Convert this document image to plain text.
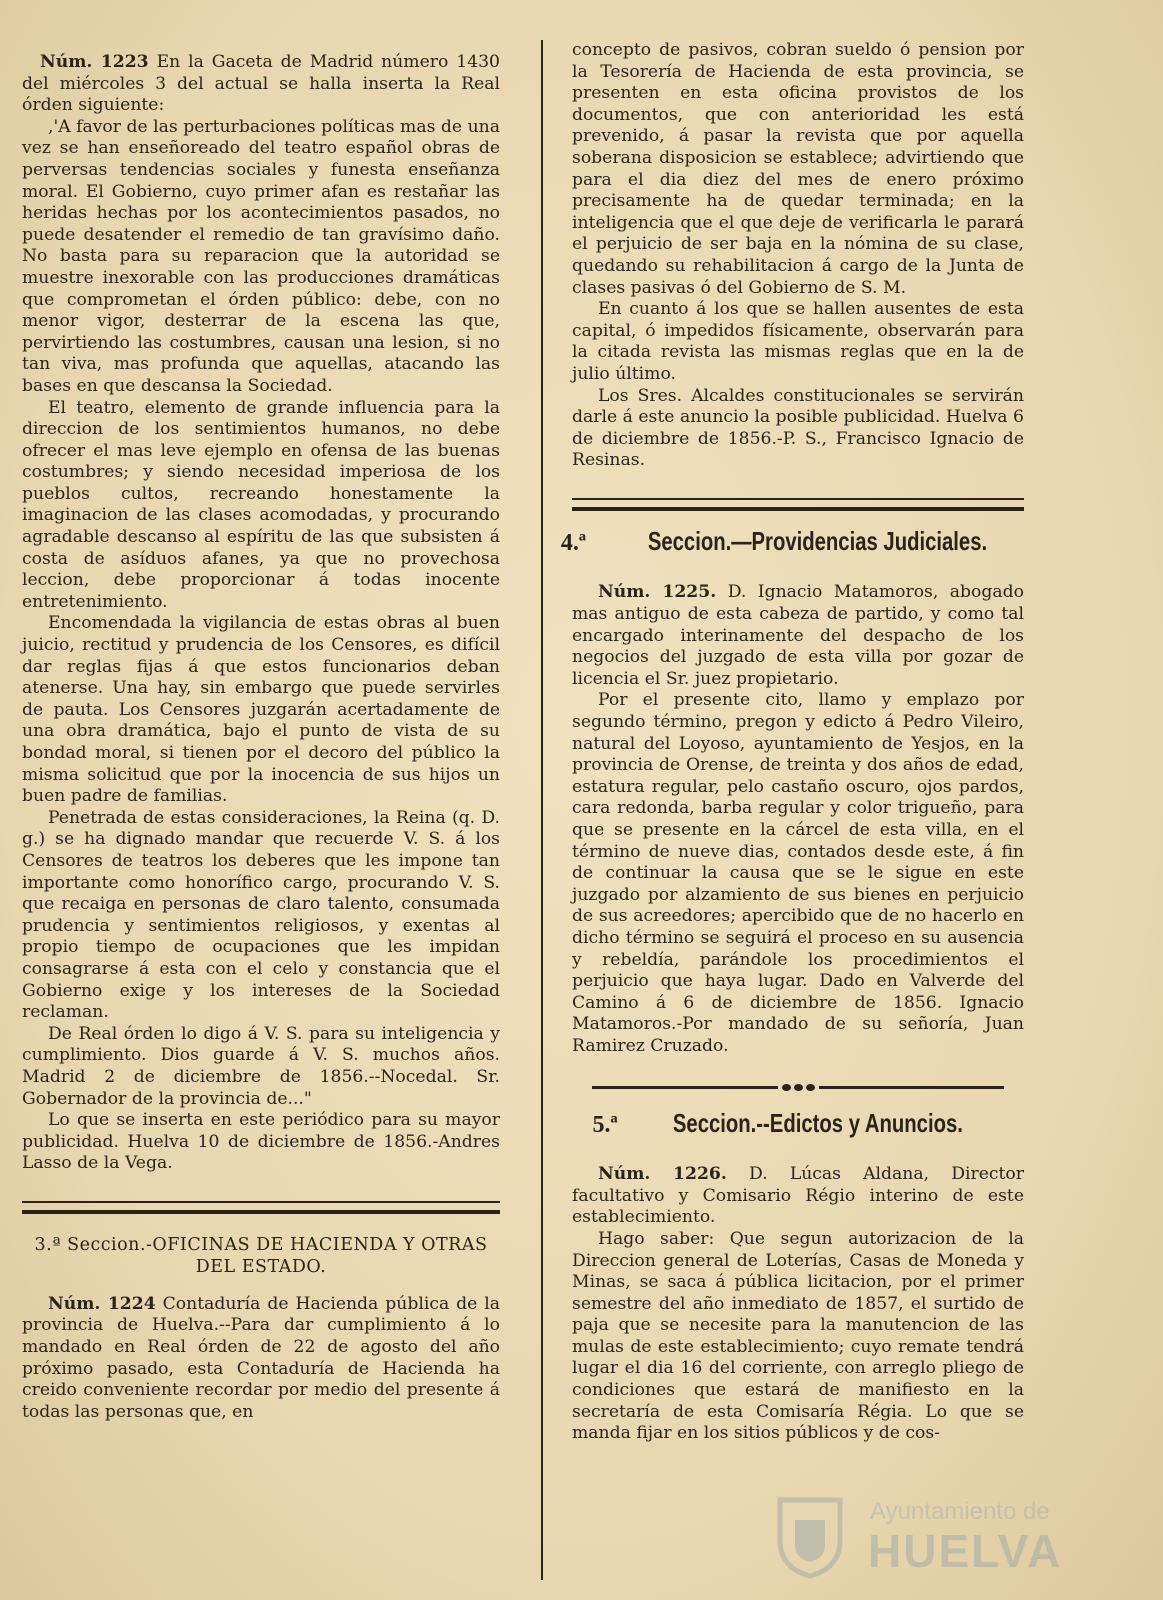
Núm. 1223 En la Gaceta de Madrid número 1430 del miércoles 3 del actual se halla inserta la Real órden siguiente:

,'A favor de las perturbaciones políticas mas de una vez se han enseñoreado del teatro español obras de perversas tendencias sociales y funesta enseñanza moral. El Gobierno, cuyo primer afan es restañar las heridas hechas por los acontecimientos pasados, no puede desatender el remedio de tan gravísimo daño. No basta para su reparacion que la autoridad se muestre inexorable con las producciones dramáticas que comprometan el órden público: debe, con no menor vigor, desterrar de la escena las que, pervirtiendo las costumbres, causan una lesion, si no tan viva, mas profunda que aquellas, atacando las bases en que descansa la Sociedad.

El teatro, elemento de grande influencia para la direccion de los sentimientos humanos, no debe ofrecer el mas leve ejemplo en ofensa de las buenas costumbres; y siendo necesidad imperiosa de los pueblos cultos, recreando honestamente la imaginacion de las clases acomodadas, y procurando agradable descanso al espíritu de las que subsisten á costa de asíduos afanes, ya que no provechosa leccion, debe proporcionar á todas inocente entretenimiento.

Encomendada la vigilancia de estas obras al buen juicio, rectitud y prudencia de los Censores, es difícil dar reglas fijas á que estos funcionarios deban atenerse. Una hay, sin embargo que puede servirles de pauta. Los Censores juzgarán acertadamente de una obra dramática, bajo el punto de vista de su bondad moral, si tienen por el decoro del público la misma solicitud que por la inocencia de sus hijos un buen padre de familias.

Penetrada de estas consideraciones, la Reina (q. D. g.) se ha dignado mandar que recuerde V. S. á los Censores de teatros los deberes que les impone tan importante como honorífico cargo, procurando V. S. que recaiga en personas de claro talento, consumada prudencia y sentimientos religiosos, y exentas al propio tiempo de ocupaciones que les impidan consagrarse á esta con el celo y constancia que el Gobierno exige y los intereses de la Sociedad reclaman.

De Real órden lo digo á V. S. para su inteligencia y cumplimiento. Dios guarde á V. S. muchos años. Madrid 2 de diciembre de 1856.--Nocedal. Sr. Gobernador de la provincia de..."

Lo que se inserta en este periódico para su mayor publicidad. Huelva 10 de diciembre de 1856.-Andres Lasso de la Vega.

3.ª Seccion.-OFICINAS DE HACIENDA Y OTRAS DEL ESTADO.

Núm. 1224 Contaduría de Hacienda pública de la provincia de Huelva.--Para dar cumplimiento á lo mandado en Real órden de 22 de agosto del año próximo pasado, esta Contaduría de Hacienda ha creido conveniente recordar por medio del presente á todas las personas que, en

concepto de pasivos, cobran sueldo ó pension por la Tesorería de Hacienda de esta provincia, se presenten en esta oficina provistos de los documentos, que con anterioridad les está prevenido, á pasar la revista que por aquella soberana disposicion se establece; advirtiendo que para el dia diez del mes de enero próximo precisamente ha de quedar terminada; en la inteligencia que el que deje de verificarla le parará el perjuicio de ser baja en la nómina de su clase, quedando su rehabilitacion á cargo de la Junta de clases pasivas ó del Gobierno de S. M.

En cuanto á los que se hallen ausentes de esta capital, ó impedidos físicamente, observarán para la citada revista las mismas reglas que en la de julio último.

Los Sres. Alcaldes constitucionales se servirán darle á este anuncio la posible publicidad. Huelva 6 de diciembre de 1856.-P. S., Francisco Ignacio de Resinas.

4.ª Seccion.—Providencias Judiciales.

Núm. 1225. D. Ignacio Matamoros, abogado mas antiguo de esta cabeza de partido, y como tal encargado interinamente del despacho de los negocios del juzgado de esta villa por gozar de licencia el Sr. juez propietario.

Por el presente cito, llamo y emplazo por segundo término, pregon y edicto á Pedro Vileiro, natural del Loyoso, ayuntamiento de Yesjos, en la provincia de Orense, de treinta y dos años de edad, estatura regular, pelo castaño oscuro, ojos pardos, cara redonda, barba regular y color trigueño, para que se presente en la cárcel de esta villa, en el término de nueve dias, contados desde este, á fin de continuar la causa que se le sigue en este juzgado por alzamiento de sus bienes en perjuicio de sus acreedores; apercibido que de no hacerlo en dicho término se seguirá el proceso en su ausencia y rebeldía, parándole los procedimientos el perjuicio que haya lugar. Dado en Valverde del Camino á 6 de diciembre de 1856. Ignacio Matamoros.-Por mandado de su señoría, Juan Ramirez Cruzado.

5.ª Seccion.--Edictos y Anuncios.

Núm. 1226. D. Lúcas Aldana, Director facultativo y Comisario Régio interino de este establecimiento.

Hago saber: Que segun autorizacion de la Direccion general de Loterías, Casas de Moneda y Minas, se saca á pública licitacion, por el primer semestre del año inmediato de 1857, el surtido de paja que se necesite para la manutencion de las mulas de este establecimiento; cuyo remate tendrá lugar el dia 16 del corriente, con arreglo pliego de condiciones que estará de manifiesto en la secretaría de esta Comisaría Régia. Lo que se manda fijar en los sitios públicos y de cos-

Ayuntamiento de
HUELVA
